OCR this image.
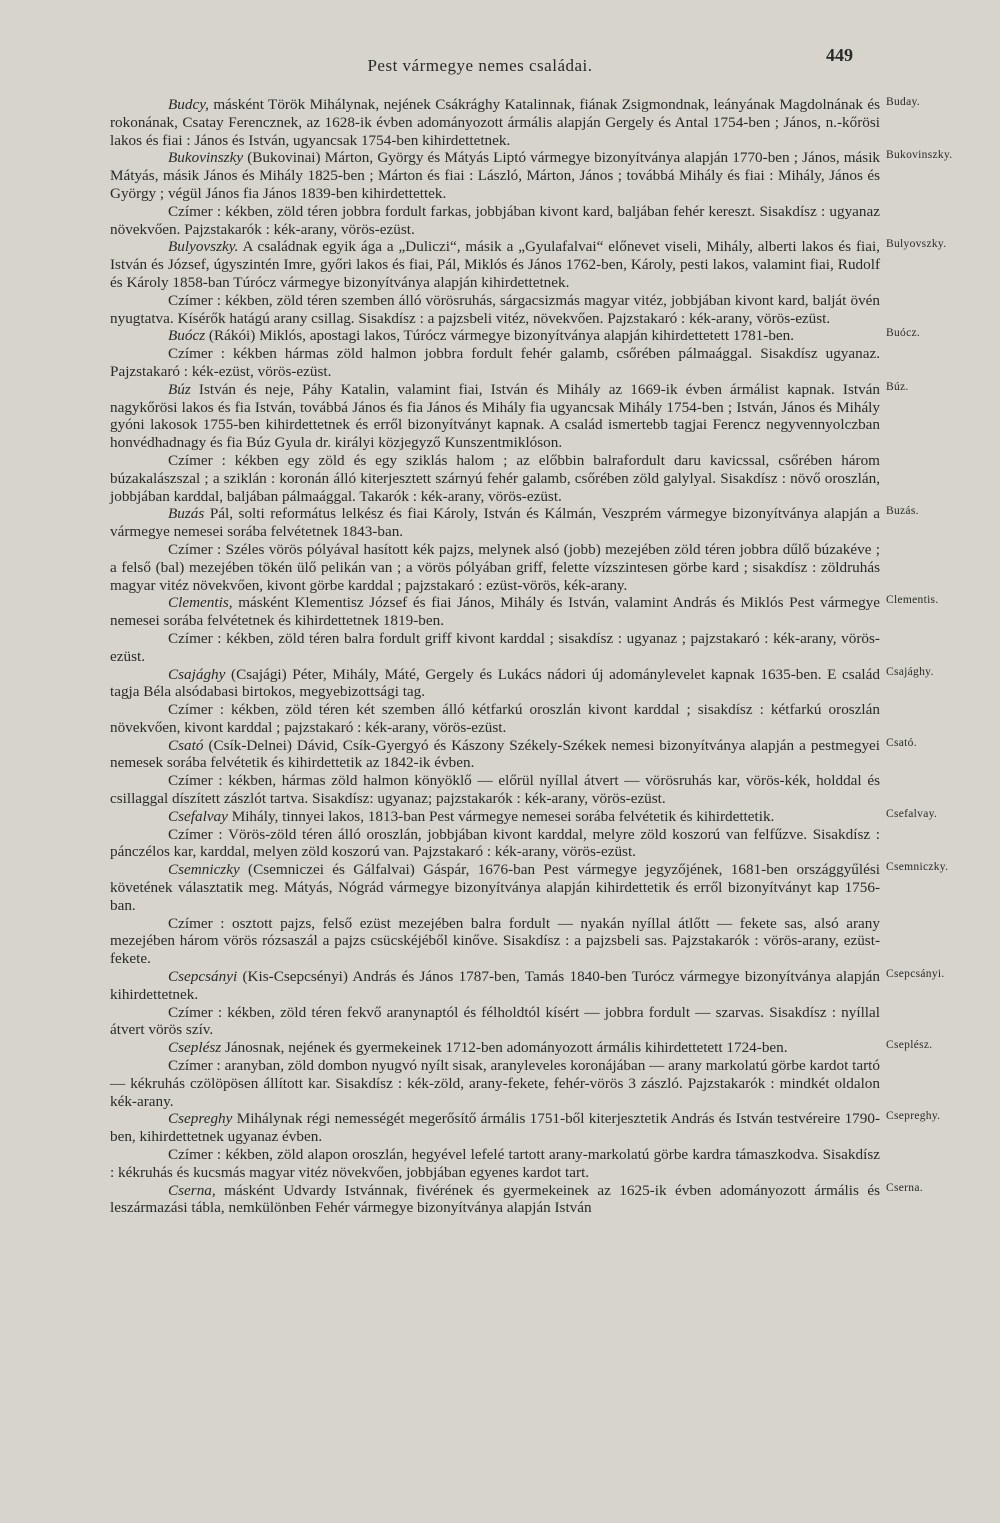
Pest vármegye nemes családai.
449
Buday.

Budcy, másként Török Mihálynak, nejének Csákrághy Katalinnak, fiának Zsigmondnak, leányának Magdolnának és rokonának, Csatay Ferencznek, az 1628-ik évben adományozott ármális alapján Gergely és Antal 1754-ben ; János, n.-kőrösi lakos és fiai : János és István, ugyancsak 1754-ben kihirdettetnek.

Bukovinszky.

Bukovinszky (Bukovinai) Márton, György és Mátyás Liptó vármegye bizonyítványa alapján 1770-ben ; János, másik Mátyás, másik János és Mihály 1825-ben ; Márton és fiai : László, Márton, János ; továbbá Mihály és fiai : Mihály, János és György ; végül János fia János 1839-ben kihirdettettek.

Czímer : kékben, zöld téren jobbra fordult farkas, jobbjában kivont kard, baljában fehér kereszt. Sisakdísz : ugyanaz növekvően. Pajzstakarók : kék-arany, vörös-ezüst.

Bulyovszky.

Bulyovszky. A családnak egyik ága a „Duliczi“, másik a „Gyulafalvai“ előnevet viseli, Mihály, alberti lakos és fiai, István és József, úgyszintén Imre, győri lakos és fiai, Pál, Miklós és János 1762-ben, Károly, pesti lakos, valamint fiai, Rudolf és Károly 1858-ban Túrócz vármegye bizonyítványa alapján kihirdettetnek.

Czímer : kékben, zöld téren szemben álló vörösruhás, sárgacsizmás magyar vitéz, jobbjában kivont kard, balját övén nyugtatva. Kísérők hatágú arany csillag. Sisakdísz : a pajzsbeli vitéz, növekvően. Pajzstakaró : kék-arany, vörös-ezüst.

Buócz.

Buócz (Rákói) Miklós, apostagi lakos, Túrócz vármegye bizonyítványa alapján kihirdettetett 1781-ben.

Czímer : kékben hármas zöld halmon jobbra fordult fehér galamb, csőrében pálmaággal. Sisakdísz ugyanaz. Pajzstakaró : kék-ezüst, vörös-ezüst.

Búz.

Búz István és neje, Páhy Katalin, valamint fiai, István és Mihály az 1669-ik évben ármálist kapnak. István nagykőrösi lakos és fia István, továbbá János és fia János és Mihály fia ugyancsak Mihály 1754-ben ; István, János és Mihály gyóni lakosok 1755-ben kihirdettetnek és erről bizonyítványt kapnak. A család ismertebb tagjai Ferencz negyvennyolczban honvédhadnagy és fia Búz Gyula dr. királyi közjegyző Kunszentmiklóson.

Czímer : kékben egy zöld és egy sziklás halom ; az előbbin balrafordult daru kavicssal, csőrében három búzakalászszal ; a sziklán : koronán álló kiterjesztett szárnyú fehér galamb, csőrében zöld galylyal. Sisakdísz : növő oroszlán, jobbjában karddal, baljában pálmaággal. Takarók : kék-arany, vörös-ezüst.

Buzás.

Buzás Pál, solti református lelkész és fiai Károly, István és Kálmán, Veszprém vármegye bizonyítványa alapján a vármegye nemesei sorába felvétetnek 1843-ban.

Czímer : Széles vörös pólyával hasított kék pajzs, melynek alsó (jobb) mezejében zöld téren jobbra dűlő búzakéve ; a felső (bal) mezejében tökén ülő pelikán van ; a vörös pólyában griff, felette vízszintesen görbe kard ; sisakdísz : zöldruhás magyar vitéz növekvően, kivont görbe karddal ; pajzstakaró : ezüst-vörös, kék-arany.

Clementis.

Clementis, másként Klementisz József és fiai János, Mihály és István, valamint András és Miklós Pest vármegye nemesei sorába felvétetnek és kihirdettetnek 1819-ben.

Czímer : kékben, zöld téren balra fordult griff kivont karddal ; sisakdísz : ugyanaz ; pajzstakaró : kék-arany, vörös-ezüst.

Csajághy.

Csajághy (Csajági) Péter, Mihály, Máté, Gergely és Lukács nádori új adománylevelet kapnak 1635-ben. E család tagja Béla alsódabasi birtokos, megyebizottsági tag.

Czímer : kékben, zöld téren két szemben álló kétfarkú oroszlán kivont karddal ; sisakdísz : kétfarkú oroszlán növekvően, kivont karddal ; pajzstakaró : kék-arany, vörös-ezüst.

Csató.

Csató (Csík-Delnei) Dávid, Csík-Gyergyó és Kászony Székely-Székek nemesi bizonyítványa alapján a pestmegyei nemesek sorába felvétetik és kihirdettetik az 1842-ik évben.

Czímer : kékben, hármas zöld halmon könyöklő — előrül nyíllal átvert — vörösruhás kar, vörös-kék, holddal és csillaggal díszített zászlót tartva. Sisakdísz: ugyanaz; pajzstakarók : kék-arany, vörös-ezüst.

Csefalvay.

Csefalvay Mihály, tinnyei lakos, 1813-ban Pest vármegye nemesei sorába felvétetik és kihirdettetik.

Czímer : Vörös-zöld téren álló oroszlán, jobbjában kivont karddal, melyre zöld koszorú van felfűzve. Sisakdísz : pánczélos kar, karddal, melyen zöld koszorú van. Pajzstakaró : kék-arany, vörös-ezüst.

Csemniczky.

Csemniczky (Csemniczei és Gálfalvai) Gáspár, 1676-ban Pest vármegye jegyzőjének, 1681-ben országgyűlési követének választatik meg. Mátyás, Nógrád vármegye bizonyítványa alapján kihirdettetik és erről bizonyítványt kap 1756-ban.

Czímer : osztott pajzs, felső ezüst mezejében balra fordult — nyakán nyíllal átlőtt — fekete sas, alsó arany mezejében három vörös rózsaszál a pajzs csücskéjéből kinőve. Sisakdísz : a pajzsbeli sas. Pajzstakarók : vörös-arany, ezüst-fekete.

Csepcsányi.

Csepcsányi (Kis-Csepcsényi) András és János 1787-ben, Tamás 1840-ben Turócz vármegye bizonyítványa alapján kihirdettetnek.

Czímer : kékben, zöld téren fekvő aranynaptól és félholdtól kísért — jobbra fordult — szarvas. Sisakdísz : nyíllal átvert vörös szív.

Cseplész.

Cseplész Jánosnak, nejének és gyermekeinek 1712-ben adományozott ármális kihirdettetett 1724-ben.

Czímer : aranyban, zöld dombon nyugvó nyílt sisak, aranyleveles koronájában — arany markolatú görbe kardot tartó — kékruhás czölöpösen állított kar. Sisakdísz : kék-zöld, arany-fekete, fehér-vörös 3 zászló. Pajzstakarók : mindkét oldalon kék-arany.

Csepreghy.

Csepreghy Mihálynak régi nemességét megerősítő ármális 1751-ből kiterjesztetik András és István testvéreire 1790-ben, kihirdettetnek ugyanaz évben.

Czímer : kékben, zöld alapon oroszlán, hegyével lefelé tartott arany-markolatú görbe kardra támaszkodva. Sisakdísz : kékruhás és kucsmás magyar vitéz növekvően, jobbjában egyenes kardot tart.

Cserna.

Cserna, másként Udvardy Istvánnak, fivérének és gyermekeinek az 1625-ik évben adományozott ármális és leszármazási tábla, nemkülönben Fehér vármegye bizonyítványa alapján István
